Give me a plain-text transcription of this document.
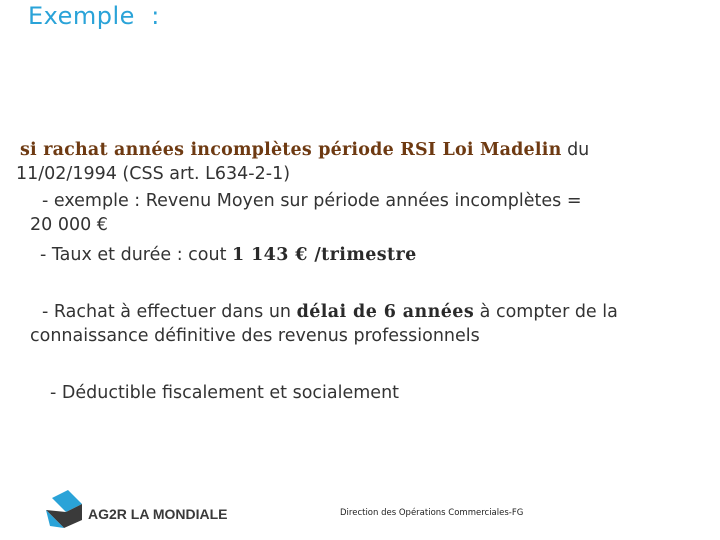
Exemple  :
si rachat années incomplètes période RSI Loi Madelin du
11/02/1994 (CSS art. L634-2-1)
- exemple : Revenu Moyen sur période années incomplètes =
20 000 €
- Taux et durée : cout 1 143 € /trimestre
- Rachat à effectuer dans un délai de 6 années à compter de la
connaissance définitive des revenus professionnels
- Déductible fiscalement et socialement
AG2R LA MONDIALE	Direction des Opérations Commerciales-FG
